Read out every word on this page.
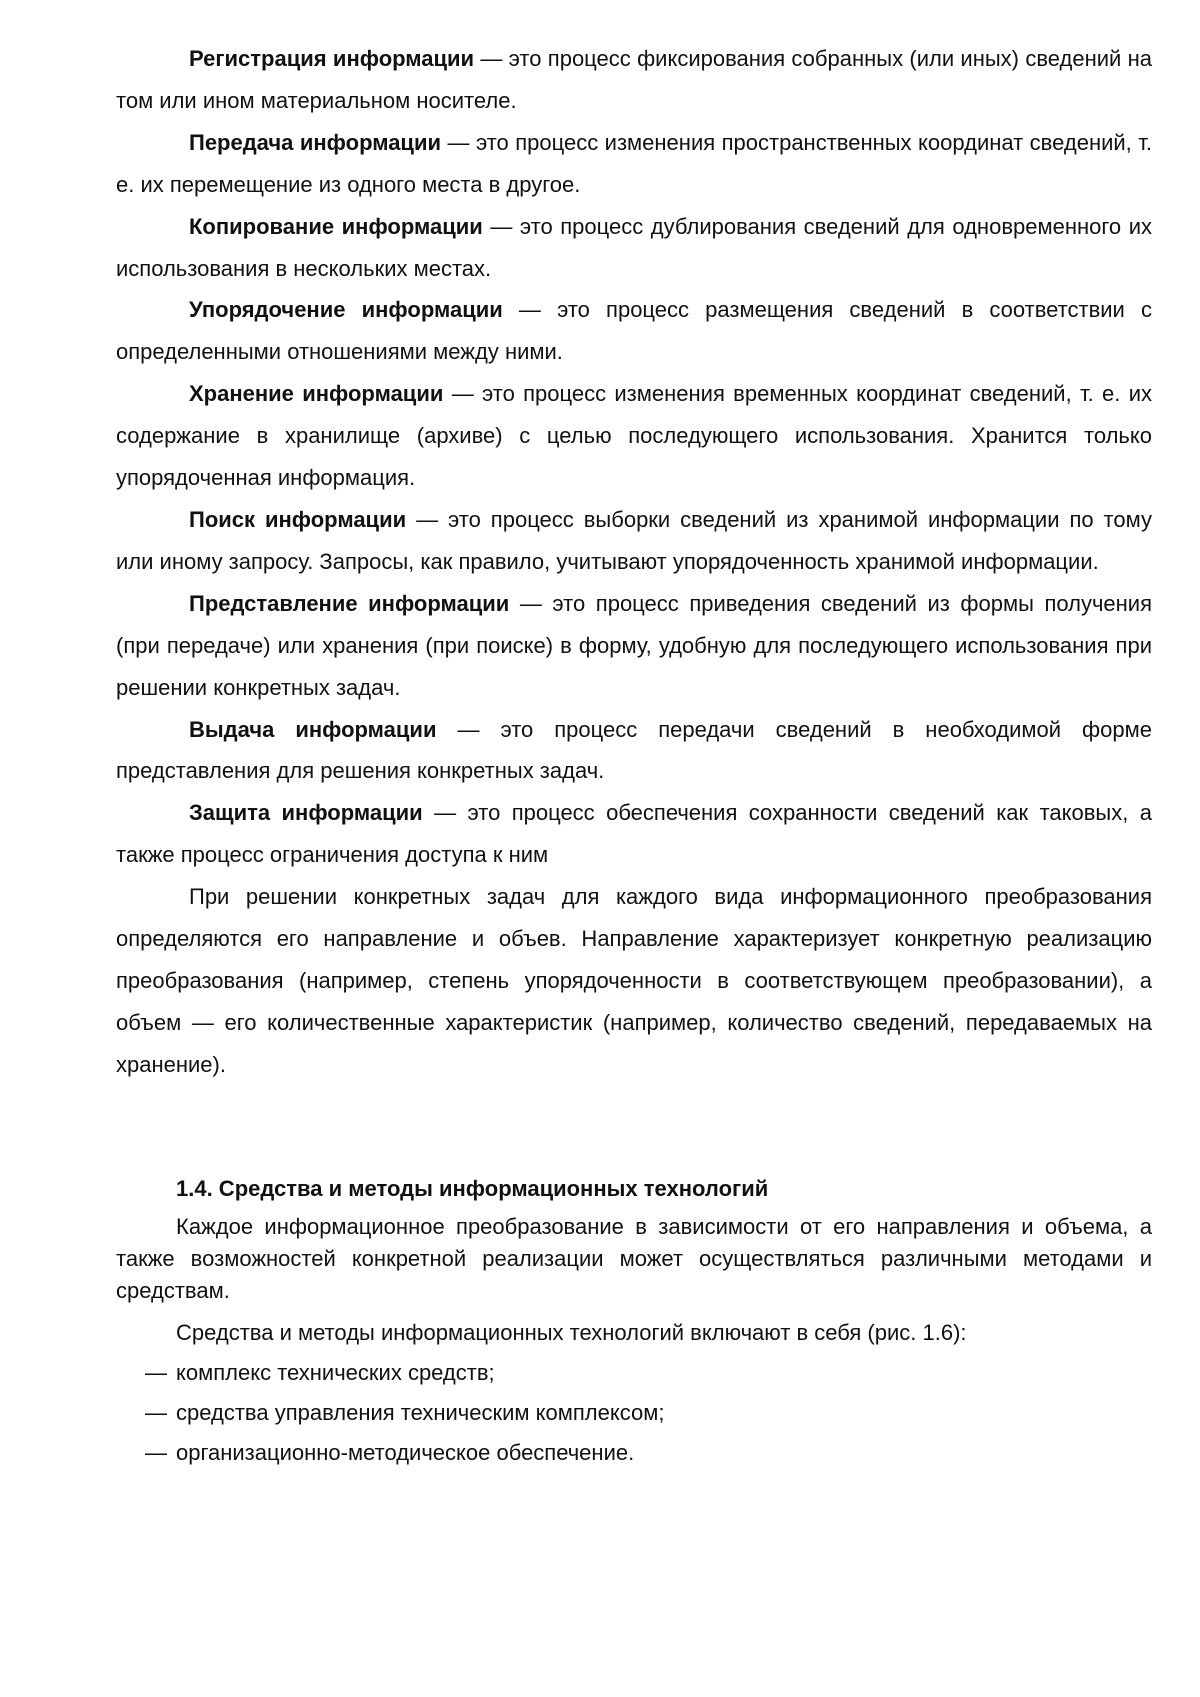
Регистрация информации — это процесс фиксирования собранных (или иных) сведений на том или ином материальном носителе.

Передача информации — это процесс изменения пространственных координат сведений, т. е. их перемещение из одного места в другое.

Копирование информации — это процесс дублирования сведений для одновременного их использования в нескольких местах.

Упорядочение информации — это процесс размещения сведений в соответствии с определенными отношениями между ними.

Хранение информации — это процесс изменения временных координат сведений, т. е. их содержание в хранилище (архиве) с целью последующего использования. Хранится только упорядоченная информация.

Поиск информации — это процесс выборки сведений из хранимой информации по тому или иному запросу. Запросы, как правило, учитывают упорядоченность хранимой информации.

Представление информации — это процесс приведения сведений из формы получения (при передаче) или хранения (при поиске) в форму, удобную для последующего использования при решении конкретных задач.

Выдача информации — это процесс передачи сведений в необходимой форме представления для решения конкретных задач.

Защита информации — это процесс обеспечения сохранности сведений как таковых, а также процесс ограничения доступа к ним

При решении конкретных задач для каждого вида информационного преобразования определяются его направление и объев. Направление характеризует конкретную реализацию преобразования (например, степень упорядоченности в соответствующем преобразовании), а объем — его количественные характеристик (например, количество сведений, передаваемых на хранение).

1.4. Средства и методы информационных технологий

Каждое информационное преобразование в зависимости от его направления и объема, а также возможностей конкретной реализации может осуществляться различными методами и средствам.

Средства и методы информационных технологий включают в себя (рис. 1.6):

— комплекс технических средств;
— средства управления техническим комплексом;
— организационно-методическое обеспечение.
